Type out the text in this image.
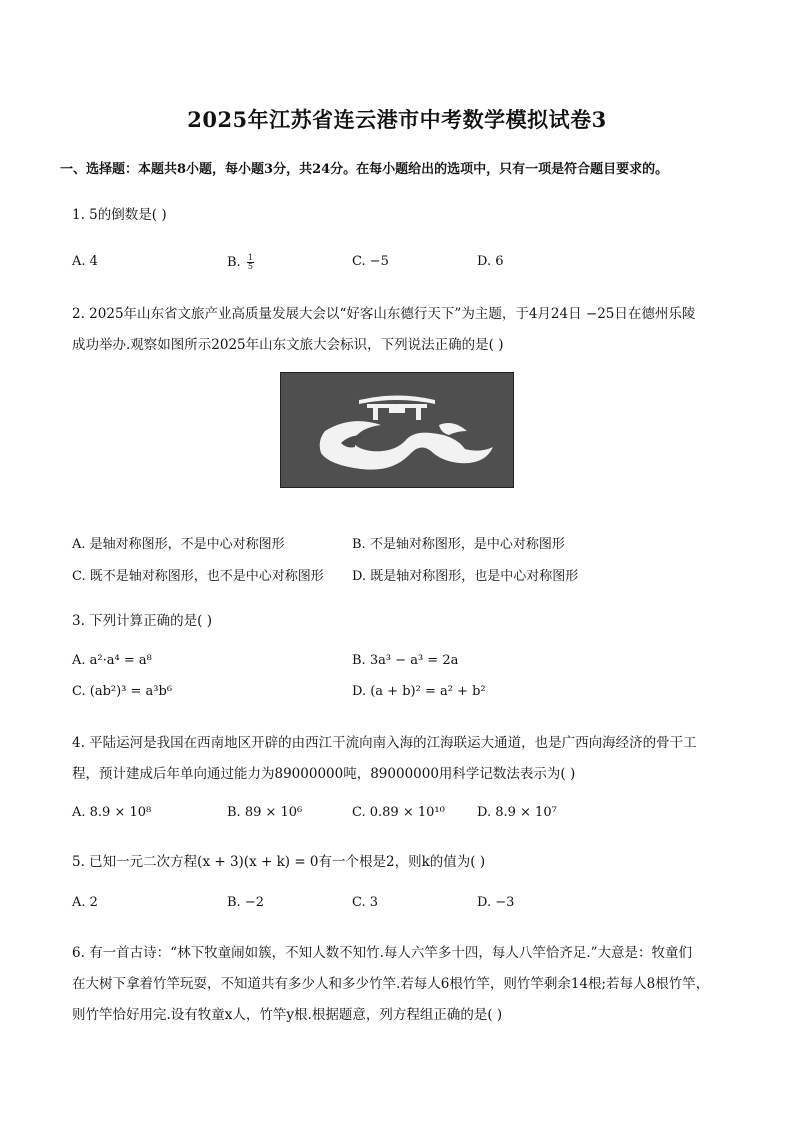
2025年江苏省连云港市中考数学模拟试卷3
一、选择题：本题共8小题，每小题3分，共24分。在每小题给出的选项中，只有一项是符合题目要求的。
1. 5的倒数是( )
A. 4	B. $\frac{1}{5}$	C. −5	D. 6
2. 2025年山东省文旅产业高质量发展大会以“好客山东德行天下”为主题，于4月24日 −25日在德州乐陵
成功举办.观察如图所示2025年山东文旅大会标识，下列说法正确的是( )
A. 是轴对称图形，不是中心对称图形	B. 不是轴对称图形，是中心对称图形
C. 既不是轴对称图形，也不是中心对称图形 D. 既是轴对称图形，也是中心对称图形
3. 下列计算正确的是( )
A. a²·a⁴ = a⁸	B. 3a³ − a³ = 2a
C. (ab²)³ = a³b⁶	D. (a + b)² = a² + b²
4. 平陆运河是我国在西南地区开辟的由西江干流向南入海的江海联运大通道，也是广西向海经济的骨干工
程，预计建成后年单向通过能力为89000000吨，89000000用科学记数法表示为( )
A. 8.9 × 10⁸	B. 89 × 10⁶	C. 0.89 × 10¹⁰ D. 8.9 × 10⁷
5. 已知一元二次方程(x + 3)(x + k) = 0有一个根是2，则k的值为( )
A. 2	B. −2	C. 3	D. −3
6. 有一首古诗：“林下牧童闹如簇，不知人数不知竹.每人六竿多十四，每人八竿恰齐足.”大意是：牧童们
在大树下拿着竹竿玩耍，不知道共有多少人和多少竹竿.若每人6根竹竿，则竹竿剩余14根;若每人8根竹竿，
则竹竿恰好用完.设有牧童x人，竹竿y根.根据题意，列方程组正确的是( )
